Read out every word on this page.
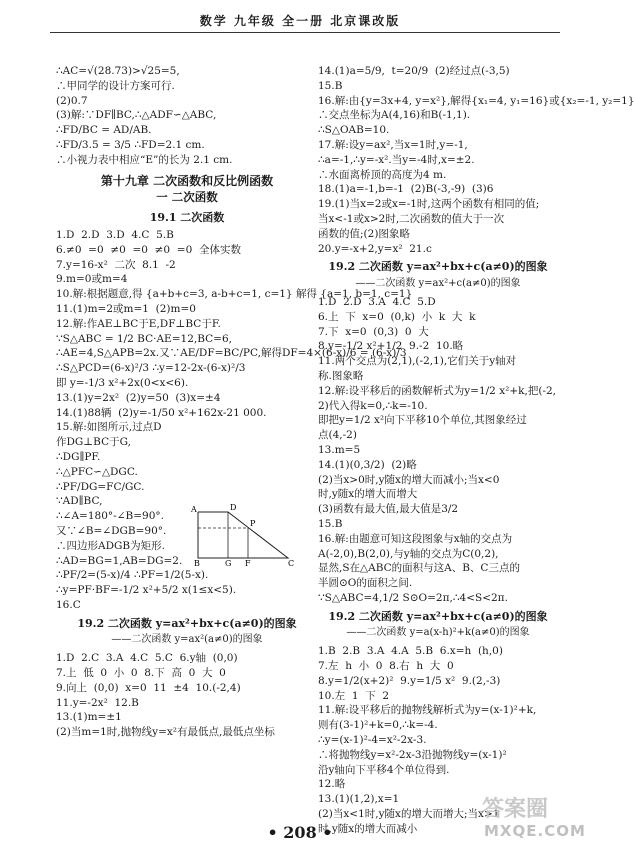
数学 九年级 全一册 北京课改版
∴AC=√(28.73)>√25=5,
∴甲同学的设计方案可行.
(2)0.7
(3)解:∵DF∥BC,∴△ADF∽△ABC,
∴FD/BC = AD/AB.
∴FD/3.5 = 3/5 ∴FD=2.1 cm.
∴小视力表中相应“E”的长为 2.1 cm.
第十九章 二次函数和反比例函数
一 二次函数
19.1 二次函数
1.D  2.D  3.D  4.C  5.B
6.≠0  =0  ≠0  =0  ≠0  =0  全体实数
7.y=16-x²  二次  8.1  -2
9.m=0或m=4
10.解:根据题意,得 {a+b+c=3, a-b+c=1, c=1} 解得 {a=1, b=1, c=1}
11.(1)m=2或m=1  (2)m=0
12.解:作AE⊥BC于E,DF⊥BC于F.
∵S△ABC = 1/2 BC·AE=12,BC=6,
∴AE=4,S△APB=2x.又∵AE/DF=BC/PC,解得DF=4×(6-x)/6 = (6-x)/3
∴S△PCD=(6-x)²/3 ∴y=12-2x-(6-x)²/3
即 y=-1/3 x²+2x(0<x<6).
13.(1)y=2x²  (2)y=50  (3)x=±4
14.(1)88辆  (2)y=-1/50 x²+162x-21 000.
15.解:如图所示,过点D
作DG⊥BC于G,
∴DG∥PF.
∴△PFC∽△DGC.
∴PF/DG=FC/GC.
∵AD∥BC,
∴∠A=180°-∠B=90°.
又∵∠B=∠DGB=90°.
∴四边形ADGB为矩形.
∴AD=BG=1,AB=DG=2.
∴PF/2=(5-x)/4 ∴PF=1/2(5-x).
∴y=PF·BF=-1/2 x²+5/2 x(1≤x<5).
16.C
19.2 二次函数 y=ax²+bx+c(a≠0)的图象
——二次函数 y=ax²(a≠0)的图象
1.D  2.C  3.A  4.C  5.C  6.y轴  (0,0)
7.上  低  0  小  0  8.下  高  0  大  0
9.向上  (0,0)  x=0  11  ±4  10.(-2,4)
11.y=-2x²  12.B
13.(1)m=±1
(2)当m=1时,抛物线y=x²有最低点,最低点坐标
14.(1)a=5/9,  t=20/9  (2)经过点(-3,5)
15.B
16.解:由{y=3x+4, y=x²},解得{x₁=4, y₁=16}或{x₂=-1, y₂=1}
∴交点坐标为A(4,16)和B(-1,1).
∴S△OAB=10.
17.解:设y=ax²,当x=1时,y=-1,
∴a=-1,∴y=-x².当y=-4时,x=±2.
∴水面离桥顶的高度为4 m.
18.(1)a=-1,b=-1  (2)B(-3,-9)  (3)6
19.(1)当x=2或x=-1时,这两个函数有相同的值;
当x<-1或x>2时,二次函数的值大于一次
函数的值;(2)图象略
20.y=-x+2,y=x²  21.c
19.2 二次函数 y=ax²+bx+c(a≠0)的图象
——二次函数 y=ax²+c(a≠0)的图象
1.D  2.D  3.A  4.C  5.D
6.上  下  x=0  (0,k)  小  k  大  k
7.下  x=0  (0,3)  0  大
8.y=-1/2 x²+1/2  9.-2  10.略
11.两个交点为(2,1),(-2,1),它们关于y轴对
称.图象略
12.解:设平移后的函数解析式为y=1/2 x²+k,把(-2,
2)代入得k=0,∴k=-10.
即把y=1/2 x²向下平移10个单位,其图象经过
点(4,-2)
13.m=5
14.(1)(0,3/2)  (2)略
(2)当x>0时,y随x的增大而减小;当x<0
时,y随x的增大而增大
(3)函数有最大值,最大值是3/2
15.B
16.解:由题意可知这段图象与x轴的交点为
A(-2,0),B(2,0),与y轴的交点为C(0,2),
显然,S在△ABC的面积与这A、B、C三点的
半圆⊙O的面积之间.
∵S△ABC=4,1/2 S⊙O=2π,∴4<S<2π.
19.2 二次函数 y=ax²+bx+c(a≠0)的图象
——二次函数 y=a(x-h)²+k(a≠0)的图象
1.B  2.B  3.A  4.A  5.B  6.x=h  (h,0)
7.左  h  小  0  8.右  h  大  0
8.y=1/2(x+2)²  9.y=1/5 x²  9.(2,-3)
10.左  1  下  2
11.解:设平移后的抛物线解析式为y=(x-1)²+k,
则有(3-1)²+k=0,∴k=-4.
∴y=(x-1)²-4=x²-2x-3.
∴将抛物线y=x²-2x-3沿抛物线y=(x-1)²
沿y轴向下平移4个单位得到.
12.略
13.(1)(1,2),x=1
(2)当x<1时,y随x的增大而增大;当x>1
时,y随x的增大而减小
A	D
P
B	G F	C
• 208 •
答案圈
MXQE.COM
